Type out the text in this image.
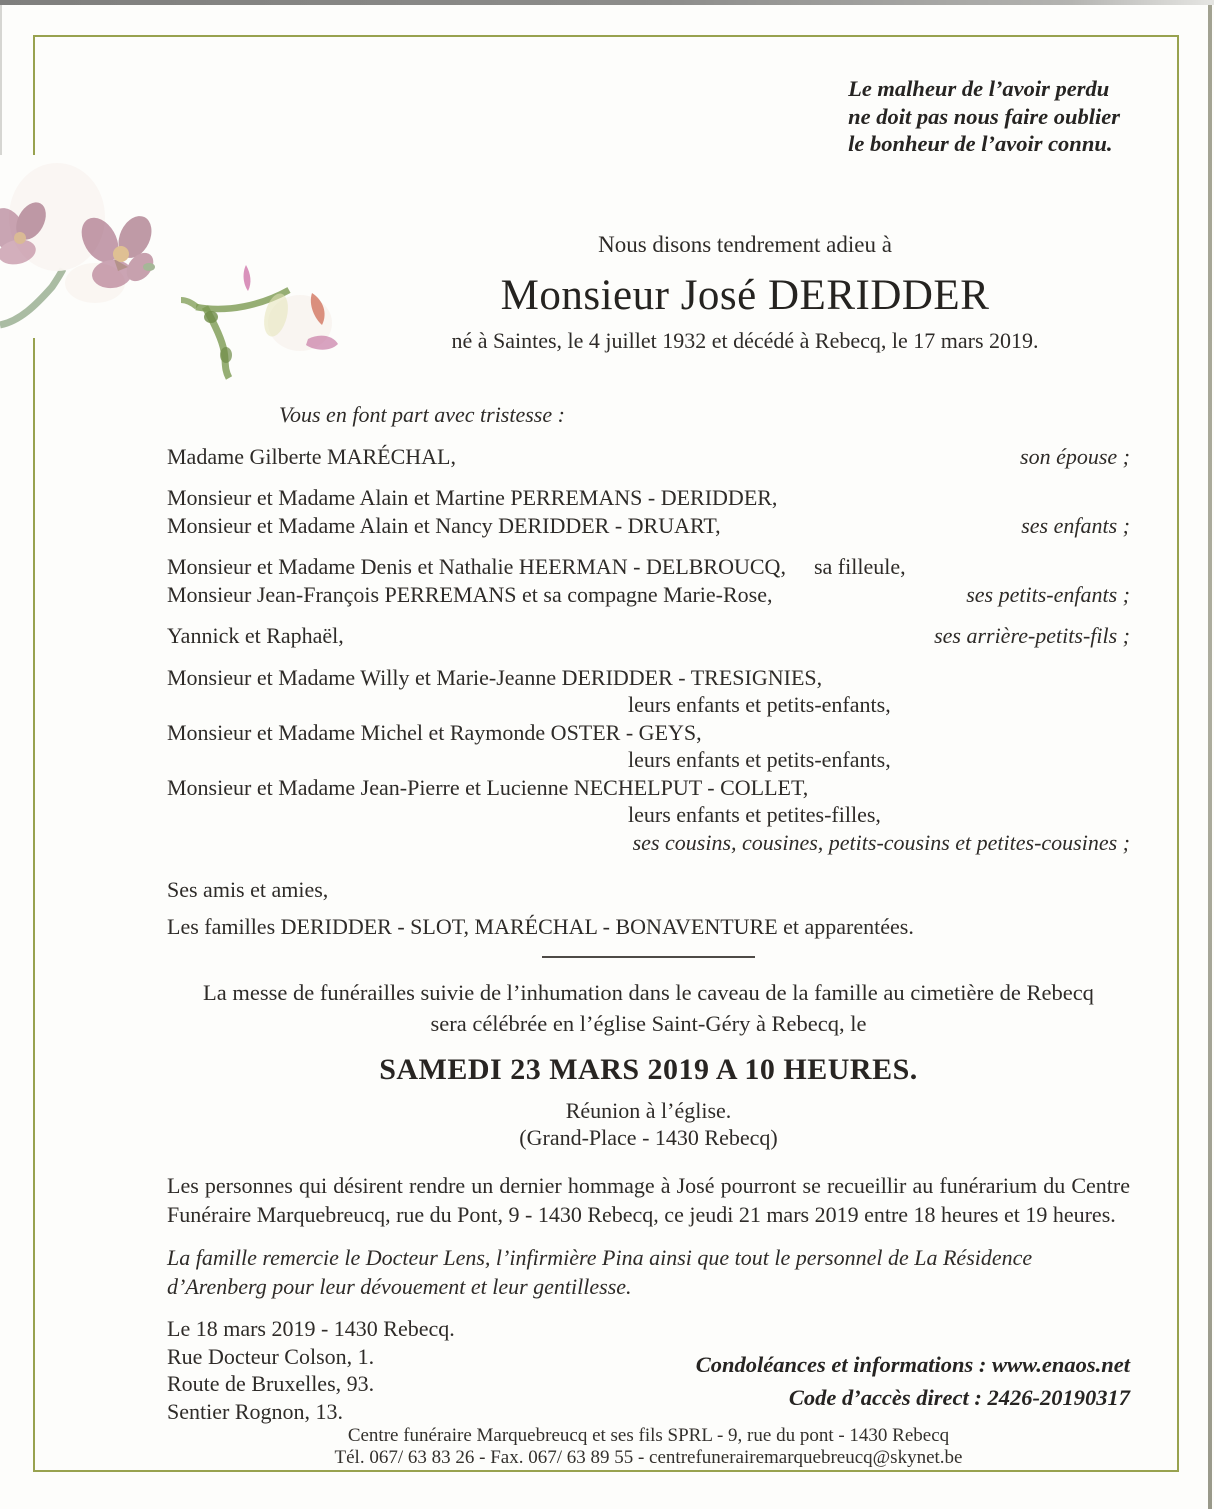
Le malheur de l’avoir perdu
ne doit pas nous faire oublier
le bonheur de l’avoir connu.
Nous disons tendrement adieu à
Monsieur José DERIDDER
né à Saintes, le 4 juillet 1932 et décédé à Rebecq, le 17 mars 2019.
Vous en font part avec tristesse :
Madame Gilberte MARÉCHAL,	son épouse ;
Monsieur et Madame Alain et Martine PERREMANS - DERIDDER,
Monsieur et Madame Alain et Nancy DERIDDER - DRUART,	ses enfants ;
Monsieur et Madame Denis et Nathalie HEERMAN - DELBROUCQ, sa filleule,
Monsieur Jean-François PERREMANS et sa compagne Marie-Rose,	ses petits-enfants ;
Yannick et Raphaël,	ses arrière-petits-fils ;
Monsieur et Madame Willy et Marie-Jeanne DERIDDER - TRESIGNIES,
leurs enfants et petits-enfants,
Monsieur et Madame Michel et Raymonde OSTER - GEYS,
leurs enfants et petits-enfants,
Monsieur et Madame Jean-Pierre et Lucienne NECHELPUT - COLLET,
leurs enfants et petites-filles,
ses cousins, cousines, petits-cousins et petites-cousines ;
Ses amis et amies,
Les familles DERIDDER - SLOT, MARÉCHAL - BONAVENTURE et apparentées.
La messe de funérailles suivie de l’inhumation dans le caveau de la famille au cimetière de Rebecq
sera célébrée en l’église Saint-Géry à Rebecq, le
SAMEDI 23 MARS 2019 A 10 HEURES.
Réunion à l’église.
(Grand-Place - 1430 Rebecq)

Les personnes qui désirent rendre un dernier hommage à José pourront se recueillir au funérarium du Centre Funéraire Marquebreucq, rue du Pont, 9 - 1430 Rebecq, ce jeudi 21 mars 2019 entre 18 heures et 19 heures.

La famille remercie le Docteur Lens, l’infirmière Pina ainsi que tout le personnel de La Résidence d’Arenberg pour leur dévouement et leur gentillesse.

Le 18 mars 2019 - 1430 Rebecq.
Rue Docteur Colson, 1.
Route de Bruxelles, 93.
Sentier Rognon, 13.
Condoléances et informations : www.enaos.net
Code d’accès direct : 2426-20190317
Centre funéraire Marquebreucq et ses fils SPRL - 9, rue du pont - 1430 Rebecq
Tél. 067/ 63 83 26 - Fax. 067/ 63 89 55 - centrefunerairemarquebreucq@skynet.be
